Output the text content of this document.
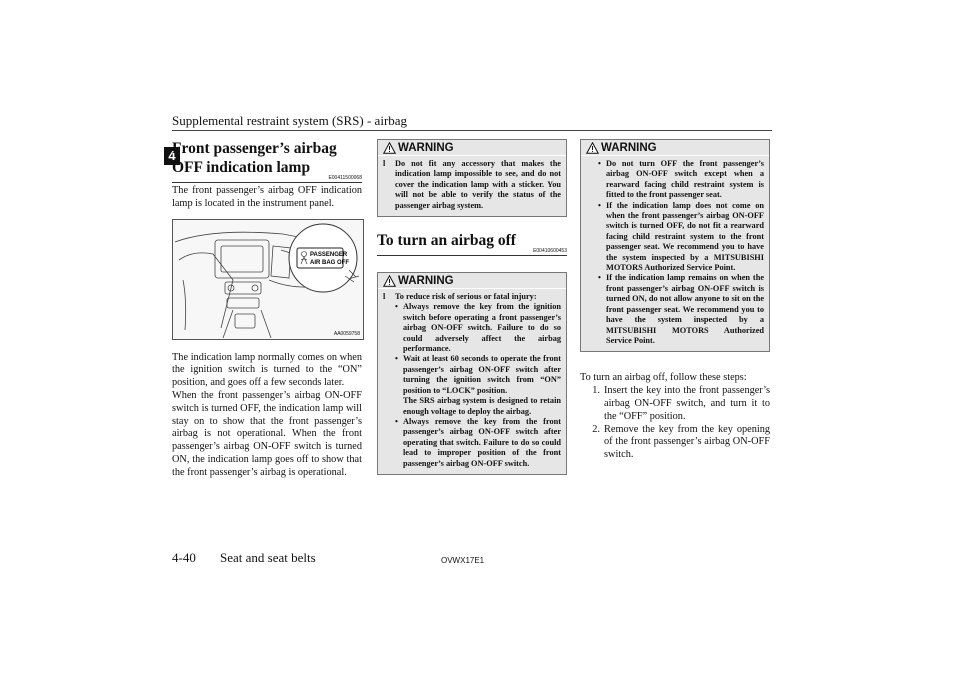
Supplemental restraint system (SRS) - airbag
4
Front passenger’s airbag OFF indication lamp
E00411500068

The front passenger’s airbag OFF indication lamp is located in the instrument panel.

PASSENGER
AIR BAG OFF
AA0059758

The indication lamp normally comes on when the ignition switch is turned to the “ON” position, and goes off a few seconds later.

When the front passenger’s airbag ON-OFF switch is turned OFF, the indication lamp will stay on to show that the front passenger’s airbag is not operational. When the front passenger’s airbag ON-OFF switch is turned ON, the indication lamp goes off to show that the front passenger’s airbag is operational.

WARNING
l	Do not fit any accessory that makes the indication lamp impossible to see, and do not cover the indication lamp with a sticker. You will not be able to verify the status of the passenger airbag system.
To turn an airbag off
E00410600453
WARNING
l	To reduce risk of serious or fatal injury:
• Always remove the key from the ignition switch before operating a front passenger’s airbag ON-OFF switch. Failure to do so could adversely affect the airbag performance.
• Wait at least 60 seconds to operate the front passenger’s airbag ON-OFF switch after turning the ignition switch from “ON” position to “LOCK” position.
The SRS airbag system is designed to retain enough voltage to deploy the airbag.
• Always remove the key from the front passenger’s airbag ON-OFF switch after operating that switch. Failure to do so could lead to improper position of the front passenger’s airbag ON-OFF switch.
WARNING
• Do not turn OFF the front passenger’s airbag ON-OFF switch except when a rearward facing child restraint system is fitted to the front passenger seat.
• If the indication lamp does not come on when the front passenger’s airbag ON-OFF switch is turned OFF, do not fit a rearward facing child restraint system to the front passenger seat. We recommend you to have the system inspected by a MITSUBISHI MOTORS Authorized Service Point.
• If the indication lamp remains on when the front passenger’s airbag ON-OFF switch is turned ON, do not allow anyone to sit on the front passenger seat. We recommend you to have the system inspected by a MITSUBISHI MOTORS Authorized Service Point.

To turn an airbag off, follow these steps:

1. Insert the key into the front passenger’s airbag ON-OFF switch, and turn it to the “OFF” position.
2. Remove the key from the key opening of the front passenger’s airbag ON-OFF switch.
4-40 Seat and seat belts	OVWX17E1
